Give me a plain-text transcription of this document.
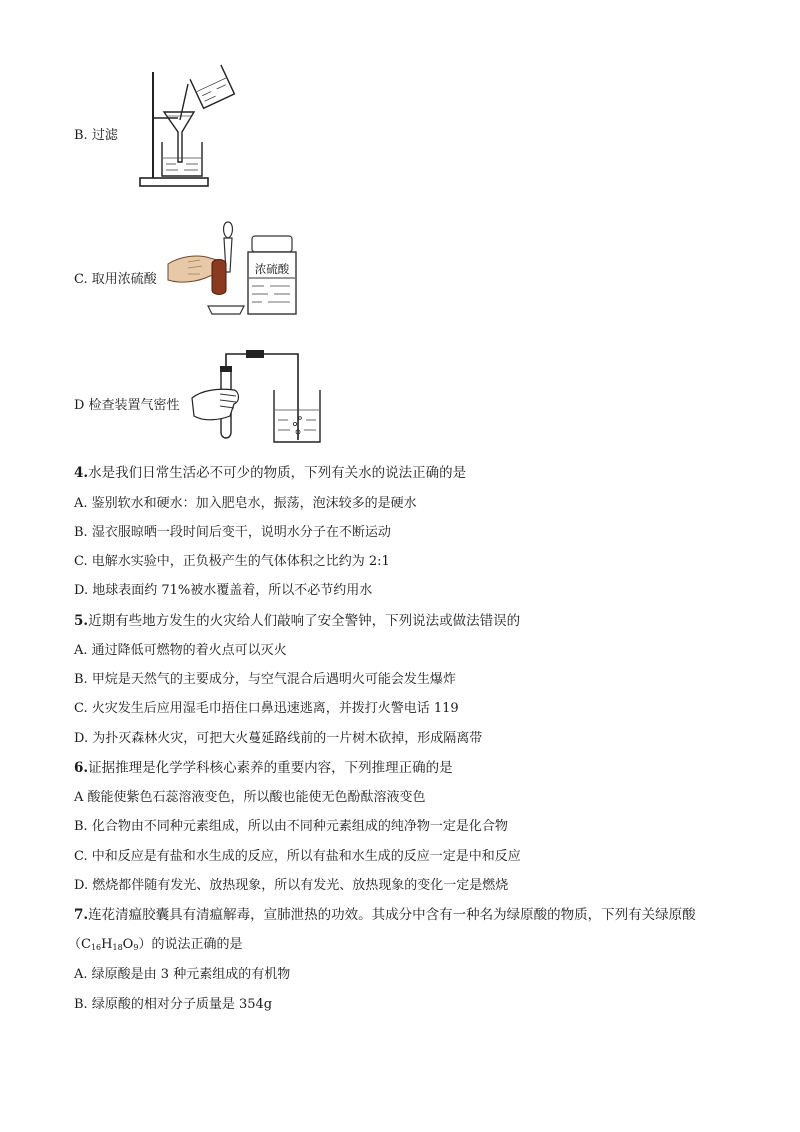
B. 过滤
C. 取用浓硫酸
浓硫酸
D 检查装置气密性
4.水是我们日常生活必不可少的物质，下列有关水的说法正确的是
A. 鉴别软水和硬水：加入肥皂水，振荡，泡沫较多的是硬水
B. 湿衣服晾晒一段时间后变干，说明水分子在不断运动
C. 电解水实验中，正负极产生的气体体积之比约为 2:1
D. 地球表面约 71%被水覆盖着，所以不必节约用水
5.近期有些地方发生的火灾给人们敲响了安全警钟，下列说法或做法错误的
A. 通过降低可燃物的着火点可以灭火
B. 甲烷是天然气的主要成分，与空气混合后遇明火可能会发生爆炸
C. 火灾发生后应用湿毛巾捂住口鼻迅速逃离，并拨打火警电话 119
D. 为扑灭森林火灾，可把大火蔓延路线前的一片树木砍掉，形成隔离带
6.证据推理是化学学科核心素养的重要内容，下列推理正确的是
A 酸能使紫色石蕊溶液变色，所以酸也能使无色酚酞溶液变色
B. 化合物由不同种元素组成，所以由不同种元素组成的纯净物一定是化合物
C. 中和反应是有盐和水生成的反应，所以有盐和水生成的反应一定是中和反应
D. 燃烧都伴随有发光、放热现象，所以有发光、放热现象的变化一定是燃烧
7.连花清瘟胶囊具有清瘟解毒，宣肺泄热的功效。其成分中含有一种名为绿原酸的物质，下列有关绿原酸
$(C_{16}H_{18}O_9)$的说法正确的是
A. 绿原酸是由 3 种元素组成的有机物
B. 绿原酸的相对分子质量是 354g
